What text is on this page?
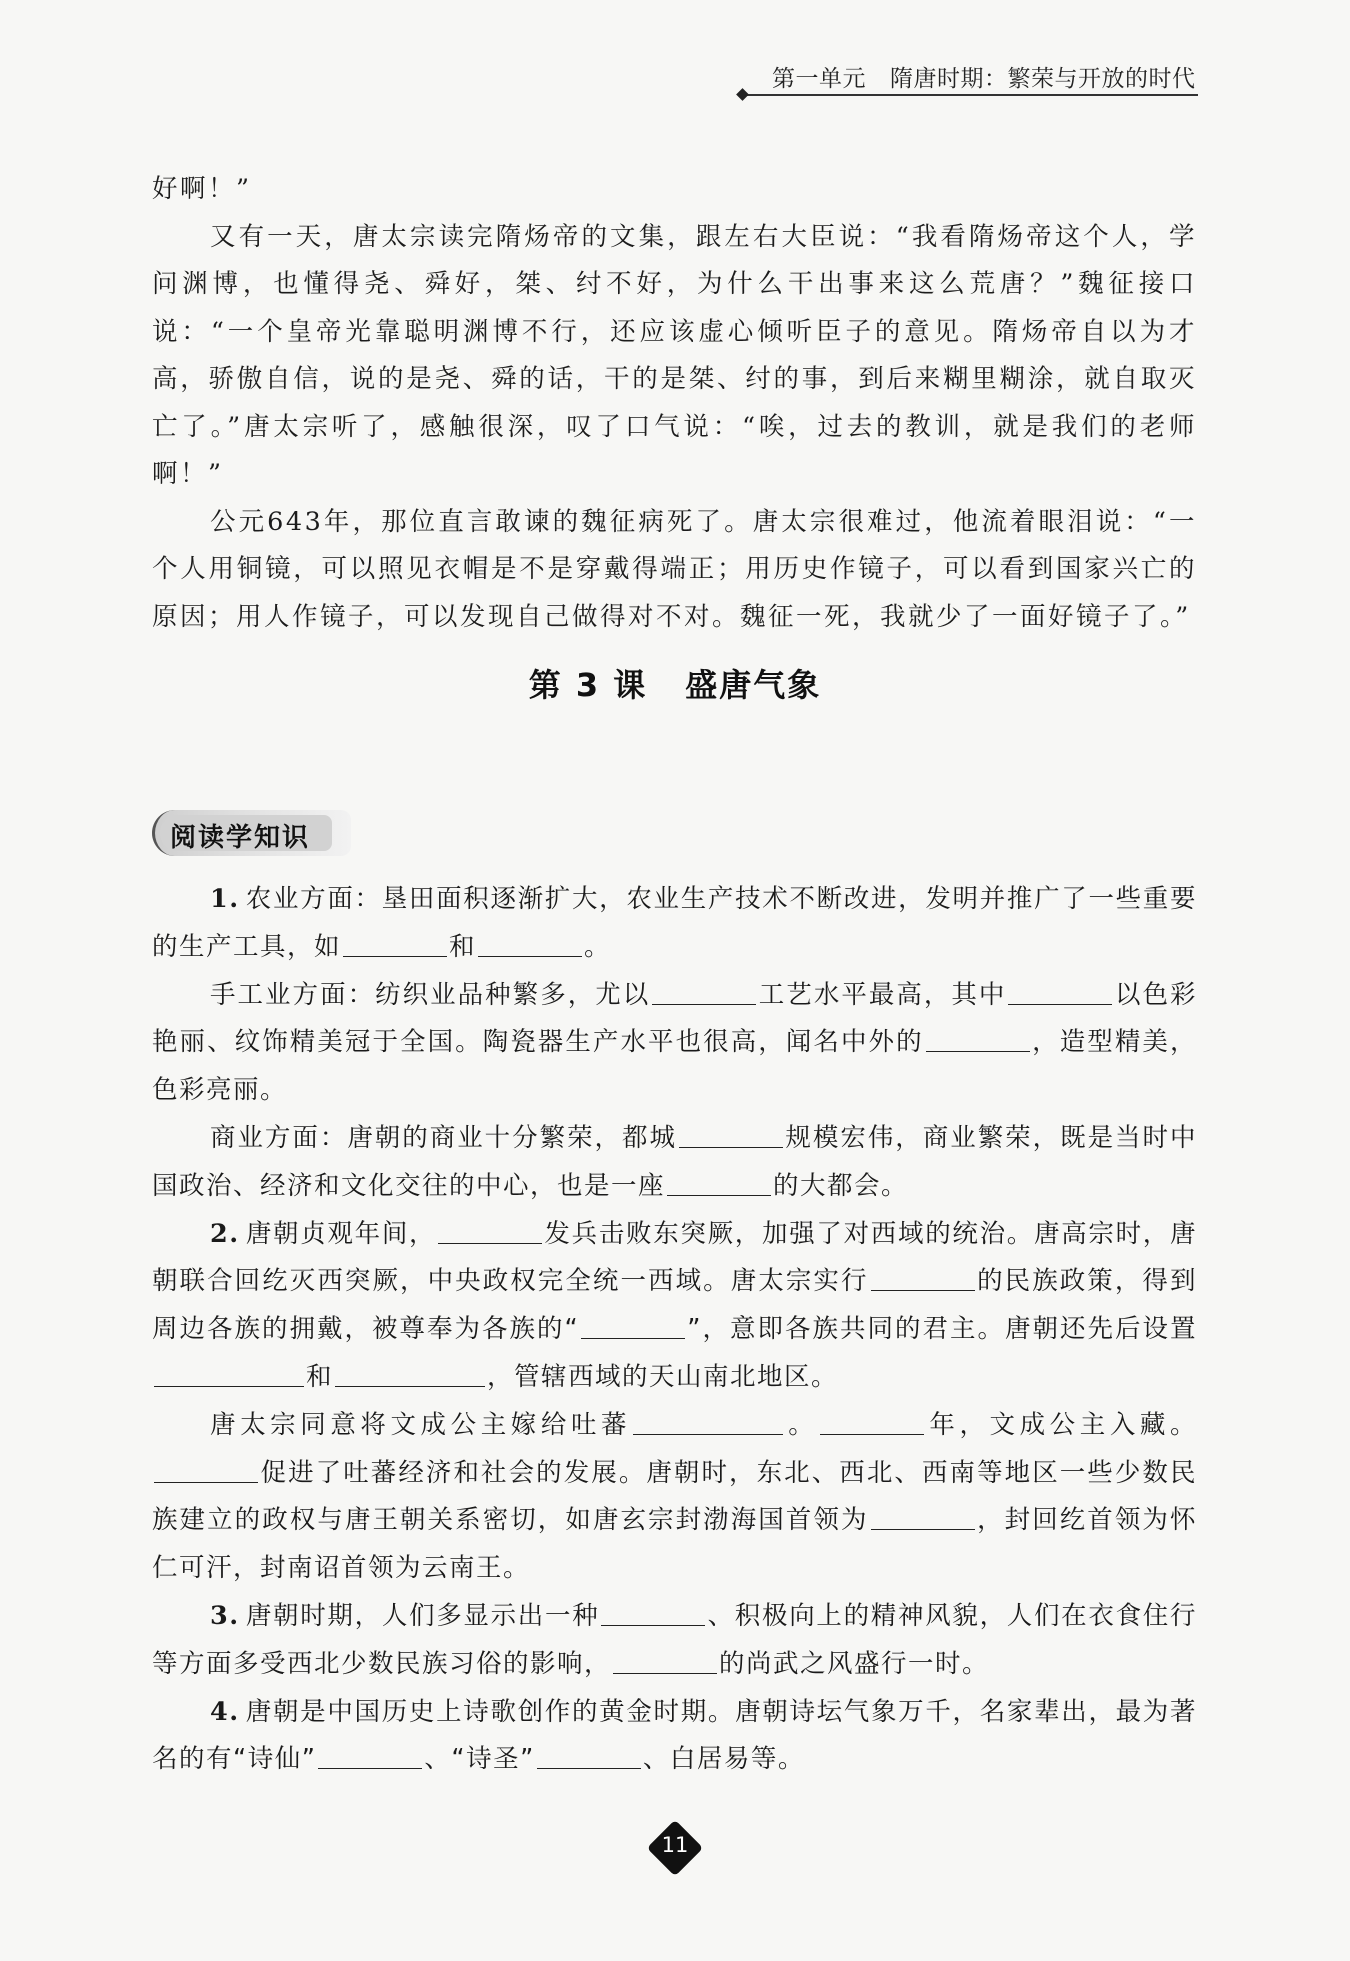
第一单元 隋唐时期：繁荣与开放的时代

好啊！”

又有一天，唐太宗读完隋炀帝的文集，跟左右大臣说：“我看隋炀帝这个人，学问渊博，也懂得尧、舜好，桀、纣不好，为什么干出事来这么荒唐？”魏征接口说：“一个皇帝光靠聪明渊博不行，还应该虚心倾听臣子的意见。隋炀帝自以为才高，骄傲自信，说的是尧、舜的话，干的是桀、纣的事，到后来糊里糊涂，就自取灭亡了。”唐太宗听了，感触很深，叹了口气说：“唉，过去的教训，就是我们的老师啊！”

公元643年，那位直言敢谏的魏征病死了。唐太宗很难过，他流着眼泪说：“一个人用铜镜，可以照见衣帽是不是穿戴得端正；用历史作镜子，可以看到国家兴亡的原因；用人作镜子，可以发现自己做得对不对。魏征一死，我就少了一面好镜子了。”

第 3 课 盛唐气象
阅读学知识

1. 农业方面：垦田面积逐渐扩大，农业生产技术不断改进，发明并推广了一些重要的生产工具，如	和	。

手工业方面：纺织业品种繁多，尤以	工艺水平最高，其中	以色彩艳丽、纹饰精美冠于全国。陶瓷器生产水平也很高，闻名中外的	，造型精美，色彩亮丽。

商业方面：唐朝的商业十分繁荣，都城	规模宏伟，商业繁荣，既是当时中国政治、经济和文化交往的中心，也是一座	的大都会。

2. 唐朝贞观年间，	发兵击败东突厥，加强了对西域的统治。唐高宗时，唐朝联合回纥灭西突厥，中央政权完全统一西域。唐太宗实行	的民族政策，得到周边各族的拥戴，被尊奉为各族的“	”，意即各族共同的君主。唐朝还先后设置和	，管辖西域的天山南北地区。

唐太宗同意将文成公主嫁给吐蕃	。	年，文成公主入藏。促进了吐蕃经济和社会的发展。唐朝时，东北、西北、西南等地区一些少数民族建立的政权与唐王朝关系密切，如唐玄宗封渤海国首领为	，封回纥首领为怀仁可汗，封南诏首领为云南王。

3. 唐朝时期，人们多显示出一种	、积极向上的精神风貌，人们在衣食住行等方面多受西北少数民族习俗的影响，	的尚武之风盛行一时。

4. 唐朝是中国历史上诗歌创作的黄金时期。唐朝诗坛气象万千，名家辈出，最为著名的有“诗仙”	、“诗圣”	、白居易等。

11
